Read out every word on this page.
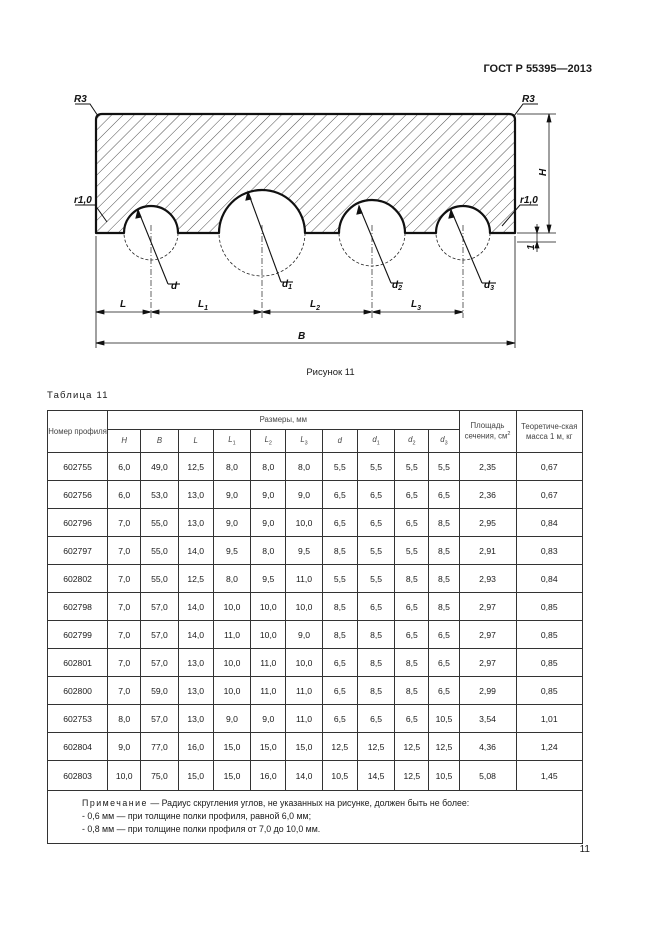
ГОСТ Р 55395—2013
R3	R3
r1,0	r1,0
H
1
d	$d_1$	$d_2$	$d_3$
L	$L_1$	$L_2$	$L_3$
B
Рисунок 11
Таблица 11
Номер профиля	Размеры, мм										Площадь сечения, $см^2$	Теоретиче-ская масса 1 м, кг
	H	B	L	$L_1$	$L_2$	$L_3$	d	$d_1$	$d_2$	$d_3$
602755	6,0	49,0	12,5	8,0	8,0	8,0	5,5	5,5	5,5	5,5	2,35	0,67
602756	6,0	53,0	13,0	9,0	9,0	9,0	6,5	6,5	6,5	6,5	2,36	0,67
602796	7,0	55,0	13,0	9,0	9,0	10,0	6,5	6,5	6,5	8,5	2,95	0,84
602797	7,0	55,0	14,0	9,5	8,0	9,5	8,5	5,5	5,5	8,5	2,91	0,83
602802	7,0	55,0	12,5	8,0	9,5	11,0	5,5	5,5	8,5	8,5	2,93	0,84
602798	7,0	57,0	14,0	10,0	10,0	10,0	8,5	6,5	6,5	8,5	2,97	0,85
602799	7,0	57,0	14,0	11,0	10,0	9,0	8,5	8,5	6,5	6,5	2,97	0,85
602801	7,0	57,0	13,0	10,0	11,0	10,0	6,5	8,5	8,5	6,5	2,97	0,85
602800	7,0	59,0	13,0	10,0	11,0	11,0	6,5	8,5	8,5	6,5	2,99	0,85
602753	8,0	57,0	13,0	9,0	9,0	11,0	6,5	6,5	6,5	10,5	3,54	1,01
602804	9,0	77,0	16,0	15,0	15,0	15,0	12,5	12,5	12,5	12,5	4,36	1,24
602803	10,0	75,0	15,0	15,0	16,0	14,0	10,5	14,5	12,5	10,5	5,08	1,45
Примечание — Радиус скругления углов, не указанных на рисунке, должен быть не более:
- 0,6 мм — при толщине полки профиля, равной 6,0 мм;
- 0,8 мм — при толщине полки профиля от 7,0 до 10,0 мм.												
11
